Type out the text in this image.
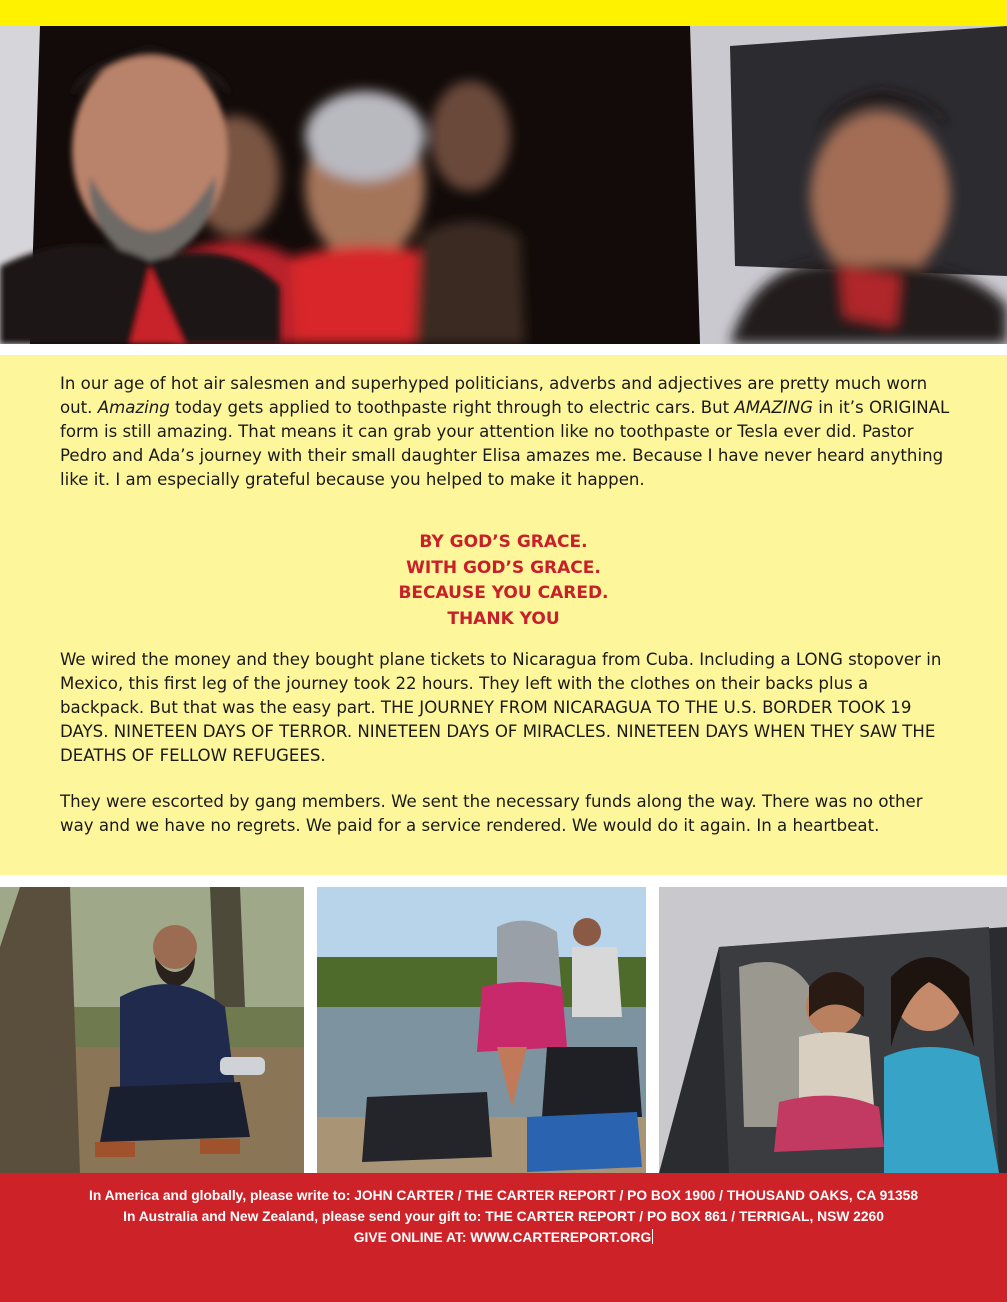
In our age of hot air salesmen and superhyped politicians, adverbs and adjectives are pretty much worn out. Amazing today gets applied to toothpaste right through to electric cars. But AMAZING in it’s ORIGINAL form is still amazing. That means it can grab your attention like no toothpaste or Tesla ever did. Pastor Pedro and Ada’s journey with their small daughter Elisa amazes me. Because I have never heard anything like it. I am especially grateful because you helped to make it happen.
BY GOD’S GRACE.
WITH GOD’S GRACE.
BECAUSE YOU CARED.
THANK YOU
We wired the money and they bought plane tickets to Nicaragua from Cuba. Including a LONG stopover in Mexico, this first leg of the journey took 22 hours. They left with the clothes on their backs plus a backpack. But that was the easy part. THE JOURNEY FROM NICARAGUA TO THE U.S. BORDER TOOK 19 DAYS. NINETEEN DAYS OF TERROR. NINETEEN DAYS OF MIRACLES. NINETEEN DAYS WHEN THEY SAW THE DEATHS OF FELLOW REFUGEES.
They were escorted by gang members. We sent the necessary funds along the way. There was no other way and we have no regrets. We paid for a service rendered. We would do it again. In a heartbeat.
In America and globally, please write to: JOHN CARTER / THE CARTER REPORT / PO BOX 1900 / THOUSAND OAKS, CA 91358
In Australia and New Zealand, please send your gift to: THE CARTER REPORT / PO BOX 861 / TERRIGAL, NSW 2260
GIVE ONLINE AT: WWW.CARTEREPORT.ORG
